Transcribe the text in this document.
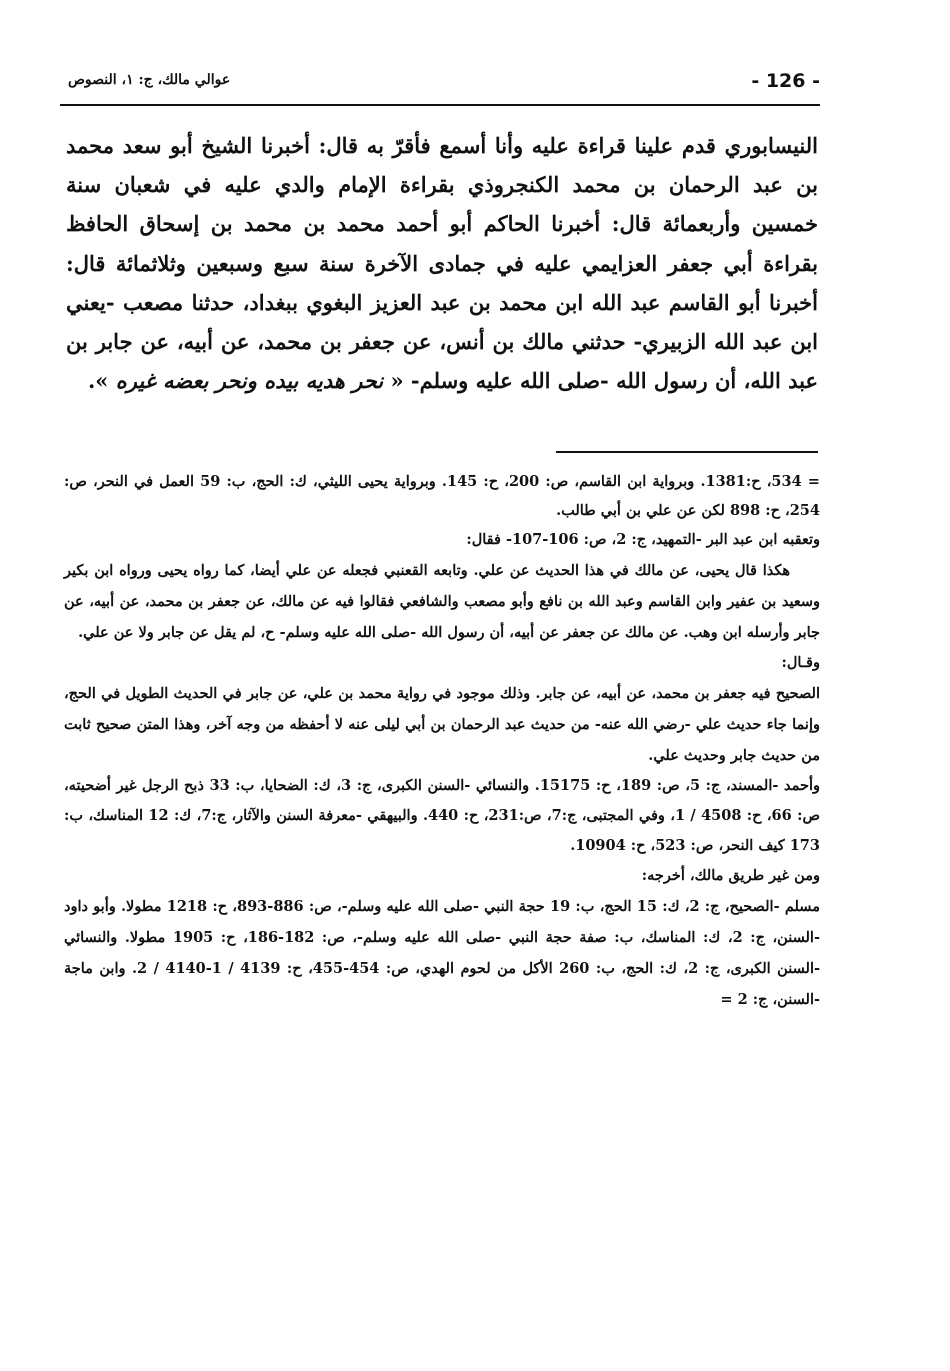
- 126 -
عوالي مالك، ج: ١، النصوص

النيسابوري قدم علينا قراءة عليه وأنا أسمع فأقرّ به قال: أخبرنا الشيخ أبو سعد محمد بن عبد الرحمان بن محمد الكنجروذي بقراءة الإمام والدي عليه في شعبان سنة خمسين وأربعمائة قال: أخبرنا الحاكم أبو أحمد محمد بن محمد بن إسحاق الحافظ بقراءة أبي جعفر العزايمي عليه في جمادى الآخرة سنة سبع وسبعين وثلاثمائة قال: أخبرنا أبو القاسم عبد الله ابن محمد بن عبد العزيز البغوي ببغداد، حدثنا مصعب -يعني ابن عبد الله الزبيري- حدثني مالك بن أنس، عن جعفر بن محمد، عن أبيه، عن جابر بن عبد الله، أن رسول الله -صلى الله عليه وسلم- « نحر هديه بيده ونحر بعضه غيره ».

= 534، ح:1381. وبرواية ابن القاسم، ص: 200، ح: 145. وبرواية يحيى الليثي، ك: الحج، ب: 59 العمل في النحر، ص: 254، ح: 898 لكن عن علي بن أبي طالب.

وتعقبه ابن عبد البر -التمهيد، ج: 2، ص: 106-107- فقال:

هكذا قال يحيى، عن مالك في هذا الحديث عن علي. وتابعه القعنبي فجعله عن علي أيضا، كما رواه يحيى ورواه ابن بكير وسعيد بن عفير وابن القاسم وعبد الله بن نافع وأبو مصعب والشافعي فقالوا فيه عن مالك، عن جعفر بن محمد، عن أبيه، عن جابر وأرسله ابن وهب. عن مالك عن جعفر عن أبيه، أن رسول الله -صلى الله عليه وسلم- ح، لم يقل عن جابر ولا عن علي.

وقـال:

الصحيح فيه جعفر بن محمد، عن أبيه، عن جابر. وذلك موجود في رواية محمد بن علي، عن جابر في الحديث الطويل في الحج، وإنما جاء حديث علي -رضي الله عنه- من حديث عبد الرحمان بن أبي ليلى عنه لا أحفظه من وجه آخر، وهذا المتن صحيح ثابت من حديث جابر وحديث علي.

وأحمد -المسند، ج: 5، ص: 189، ح: 15175. والنسائي -السنن الكبرى، ج: 3، ك: الضحايا، ب: 33 ذبح الرجل غير أضحيته، ص: 66، ح: 4508 / 1، وفي المجتبى، ج:7، ص:231، ح: 440. والبيهقي -معرفة السنن والآثار، ج:7، ك: 12 المناسك، ب: 173 كيف النحر، ص: 523، ح: 10904.

ومن غير طريق مالك، أخرجه:

مسلم -الصحيح، ج: 2، ك: 15 الحج، ب: 19 حجة النبي -صلى الله عليه وسلم-، ص: 886-893، ح: 1218 مطولا. وأبو داود -السنن، ج: 2، ك: المناسك، ب: صفة حجة النبي -صلى الله عليه وسلم-، ص: 182-186، ح: 1905 مطولا. والنسائي -السنن الكبرى، ج: 2، ك: الحج، ب: 260 الأكل من لحوم الهدي، ص: 454-455، ح: 4139 / 1-4140 / 2. وابن ماجة -السنن، ج: 2 =
